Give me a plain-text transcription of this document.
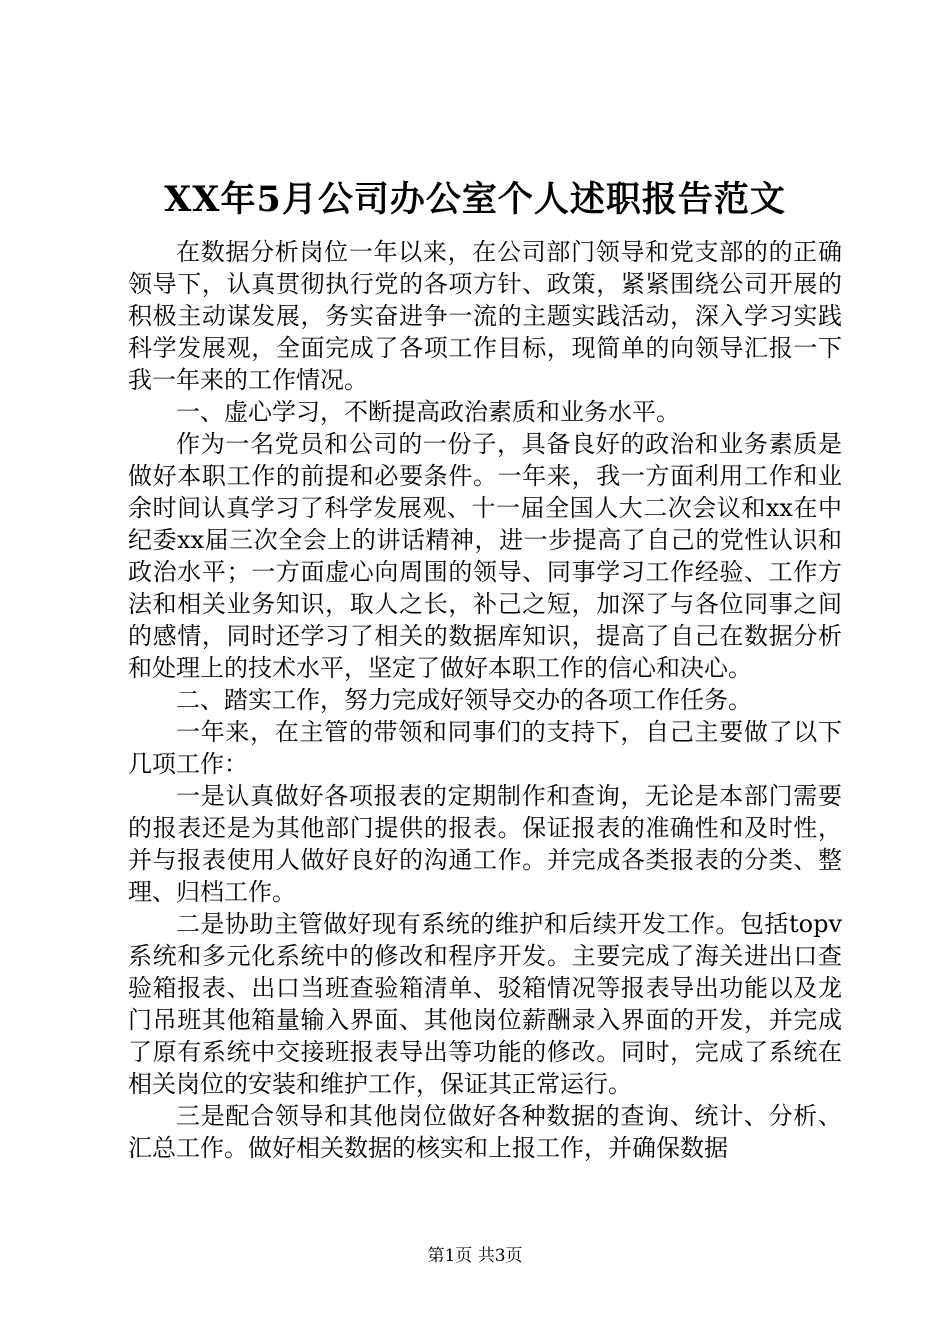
XX年5月公司办公室个人述职报告范文

在数据分析岗位一年以来，在公司部门领导和党支部的的正确领导下，认真贯彻执行党的各项方针、政策，紧紧围绕公司开展的积极主动谋发展，务实奋进争一流的主题实践活动，深入学习实践科学发展观，全面完成了各项工作目标，现简单的向领导汇报一下我一年来的工作情况。

一、虚心学习，不断提高政治素质和业务水平。

作为一名党员和公司的一份子，具备良好的政治和业务素质是做好本职工作的前提和必要条件。一年来，我一方面利用工作和业余时间认真学习了科学发展观、十一届全国人大二次会议和xx在中纪委xx届三次全会上的讲话精神，进一步提高了自己的党性认识和政治水平；一方面虚心向周围的领导、同事学习工作经验、工作方法和相关业务知识，取人之长，补己之短，加深了与各位同事之间的感情，同时还学习了相关的数据库知识，提高了自己在数据分析和处理上的技术水平，坚定了做好本职工作的信心和决心。

二、踏实工作，努力完成好领导交办的各项工作任务。

一年来，在主管的带领和同事们的支持下，自己主要做了以下几项工作：

一是认真做好各项报表的定期制作和查询，无论是本部门需要的报表还是为其他部门提供的报表。保证报表的准确性和及时性，并与报表使用人做好良好的沟通工作。并完成各类报表的分类、整理、归档工作。

二是协助主管做好现有系统的维护和后续开发工作。包括topv系统和多元化系统中的修改和程序开发。主要完成了海关进出口查验箱报表、出口当班查验箱清单、驳箱情况等报表导出功能以及龙门吊班其他箱量输入界面、其他岗位薪酬录入界面的开发，并完成了原有系统中交接班报表导出等功能的修改。同时，完成了系统在相关岗位的安装和维护工作，保证其正常运行。

三是配合领导和其他岗位做好各种数据的查询、统计、分析、汇总工作。做好相关数据的核实和上报工作，并确保数据

第1页 共3页
